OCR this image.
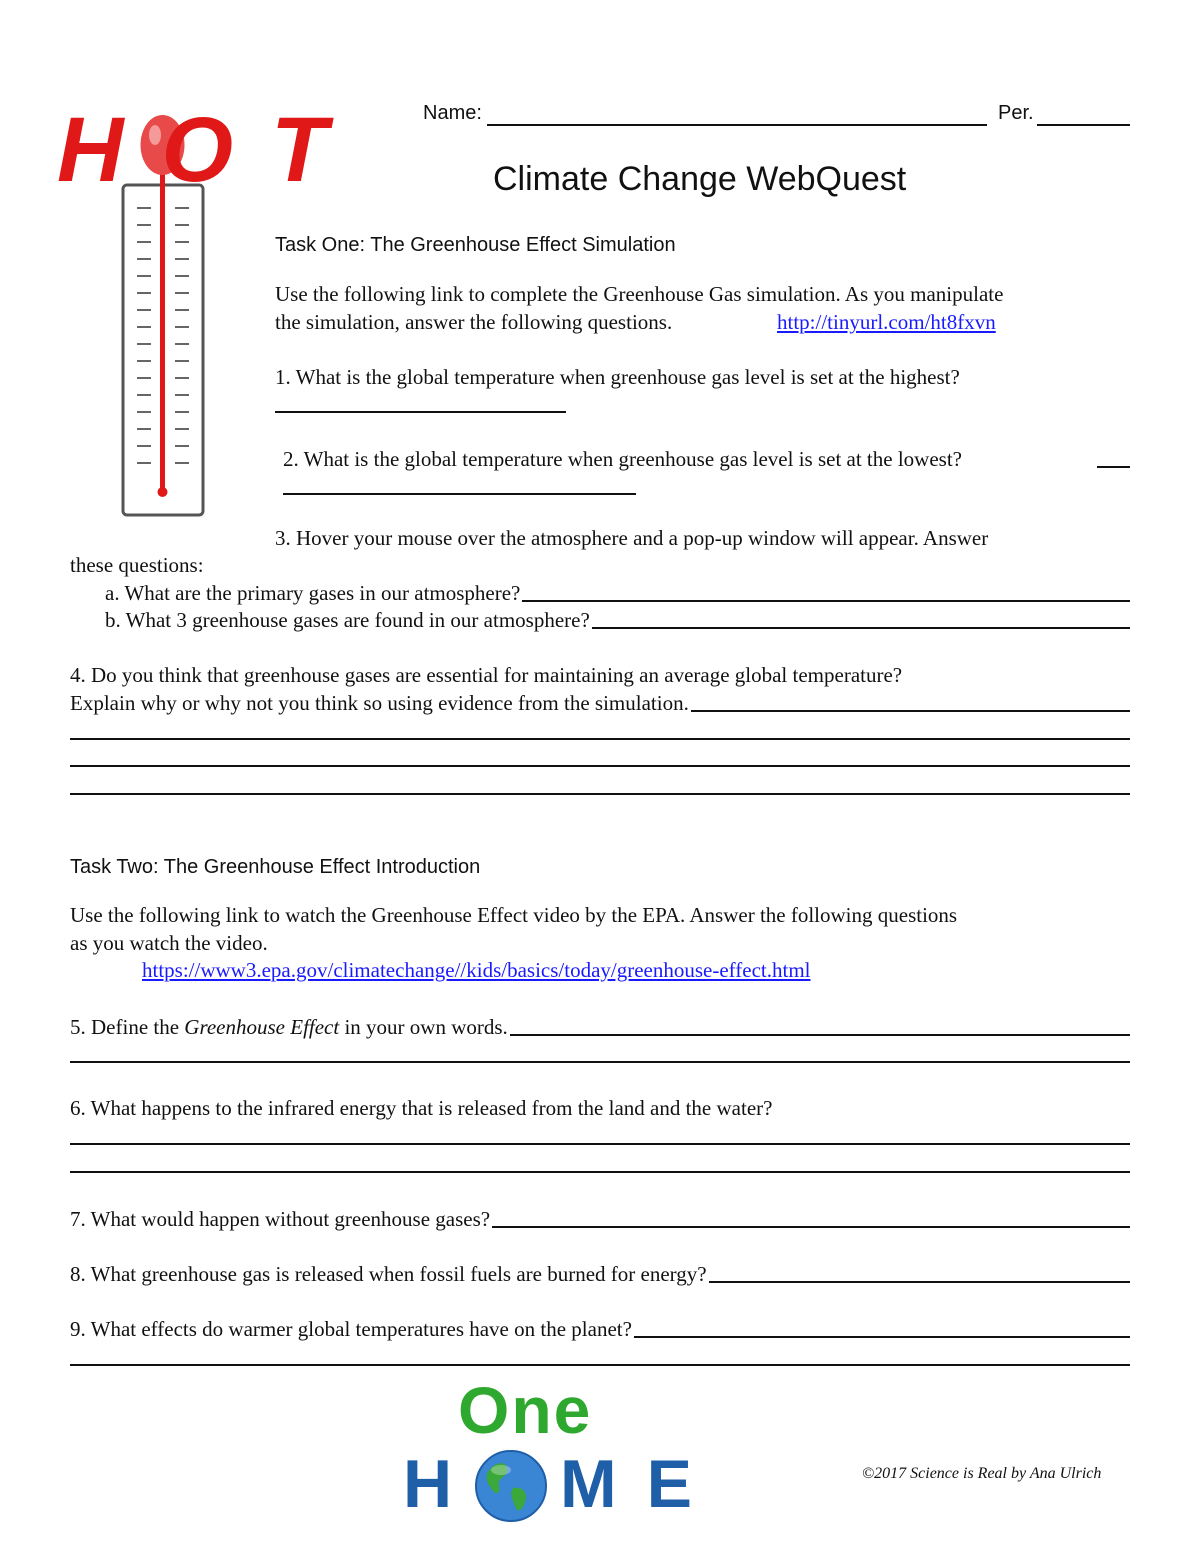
HOT	Name:	Per.
Climate Change WebQuest
Task One: The Greenhouse Effect Simulation
Use the following link to complete the Greenhouse Gas simulation. As you manipulate
the simulation, answer the following questions.	http://tinyurl.com/ht8fxvn
1. What is the global temperature when greenhouse gas level is set at the highest?
2. What is the global temperature when greenhouse gas level is set at the lowest?
3. Hover your mouse over the atmosphere and a pop-up window will appear. Answer
these questions:
a. What are the primary gases in our atmosphere?
b. What 3 greenhouse gases are found in our atmosphere?
4. Do you think that greenhouse gases are essential for maintaining an average global temperature?
Explain why or why not you think so using evidence from the simulation.
Task Two: The Greenhouse Effect Introduction
Use the following link to watch the Greenhouse Effect video by the EPA. Answer the following questions
as you watch the video.
https://www3.epa.gov/climatechange//kids/basics/today/greenhouse-effect.html
5. Define the Greenhouse Effect in your own words.
6. What happens to the infrared energy that is released from the land and the water?
7. What would happen without greenhouse gases?
8. What greenhouse gas is released when fossil fuels are burned for energy?
9. What effects do warmer global temperatures have on the planet?
One
H ME	©2017 Science is Real by Ana Ulrich
